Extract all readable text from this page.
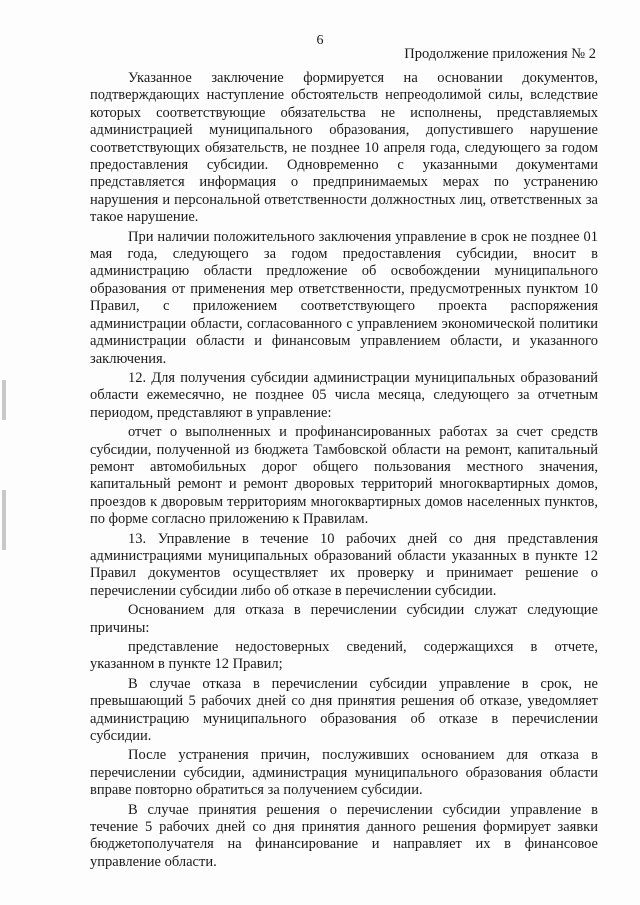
6
Продолжение приложения № 2

Указанное заключение формируется на основании документов, подтверждающих наступление обстоятельств непреодолимой силы, вследствие которых соответствующие обязательства не исполнены, представляемых администрацией муниципального образования, допустившего нарушение соответствующих обязательств, не позднее 10 апреля года, следующего за годом предоставления субсидии. Одновременно с указанными документами представляется информация о предпринимаемых мерах по устранению нарушения и персональной ответственности должностных лиц, ответственных за такое нарушение.

При наличии положительного заключения управление в срок не позднее 01 мая года, следующего за годом предоставления субсидии, вносит в администрацию области предложение об освобождении муниципального образования от применения мер ответственности, предусмотренных пунктом 10 Правил, с приложением соответствующего проекта распоряжения администрации области, согласованного с управлением экономической политики администрации области и финансовым управлением области, и указанного заключения.

12. Для получения субсидии администрации муниципальных образований области ежемесячно, не позднее 05 числа месяца, следующего за отчетным периодом, представляют в управление:

отчет о выполненных и профинансированных работах за счет средств субсидии, полученной из бюджета Тамбовской области на ремонт, капитальный ремонт автомобильных дорог общего пользования местного значения, капитальный ремонт и ремонт дворовых территорий многоквартирных домов, проездов к дворовым территориям многоквартирных домов населенных пунктов, по форме согласно приложению к Правилам.

13. Управление в течение 10 рабочих дней со дня представления администрациями муниципальных образований области указанных в пункте 12 Правил документов осуществляет их проверку и принимает решение о перечислении субсидии либо об отказе в перечислении субсидии.

Основанием для отказа в перечислении субсидии служат следующие причины:

представление недостоверных сведений, содержащихся в отчете, указанном в пункте 12 Правил;

В случае отказа в перечислении субсидии управление в срок, не превышающий 5 рабочих дней со дня принятия решения об отказе, уведомляет администрацию муниципального образования об отказе в перечислении субсидии.

После устранения причин, послуживших основанием для отказа в перечислении субсидии, администрация муниципального образования области вправе повторно обратиться за получением субсидии.

В случае принятия решения о перечислении субсидии управление в течение 5 рабочих дней со дня принятия данного решения формирует заявки бюджетополучателя на финансирование и направляет их в финансовое управление области.
